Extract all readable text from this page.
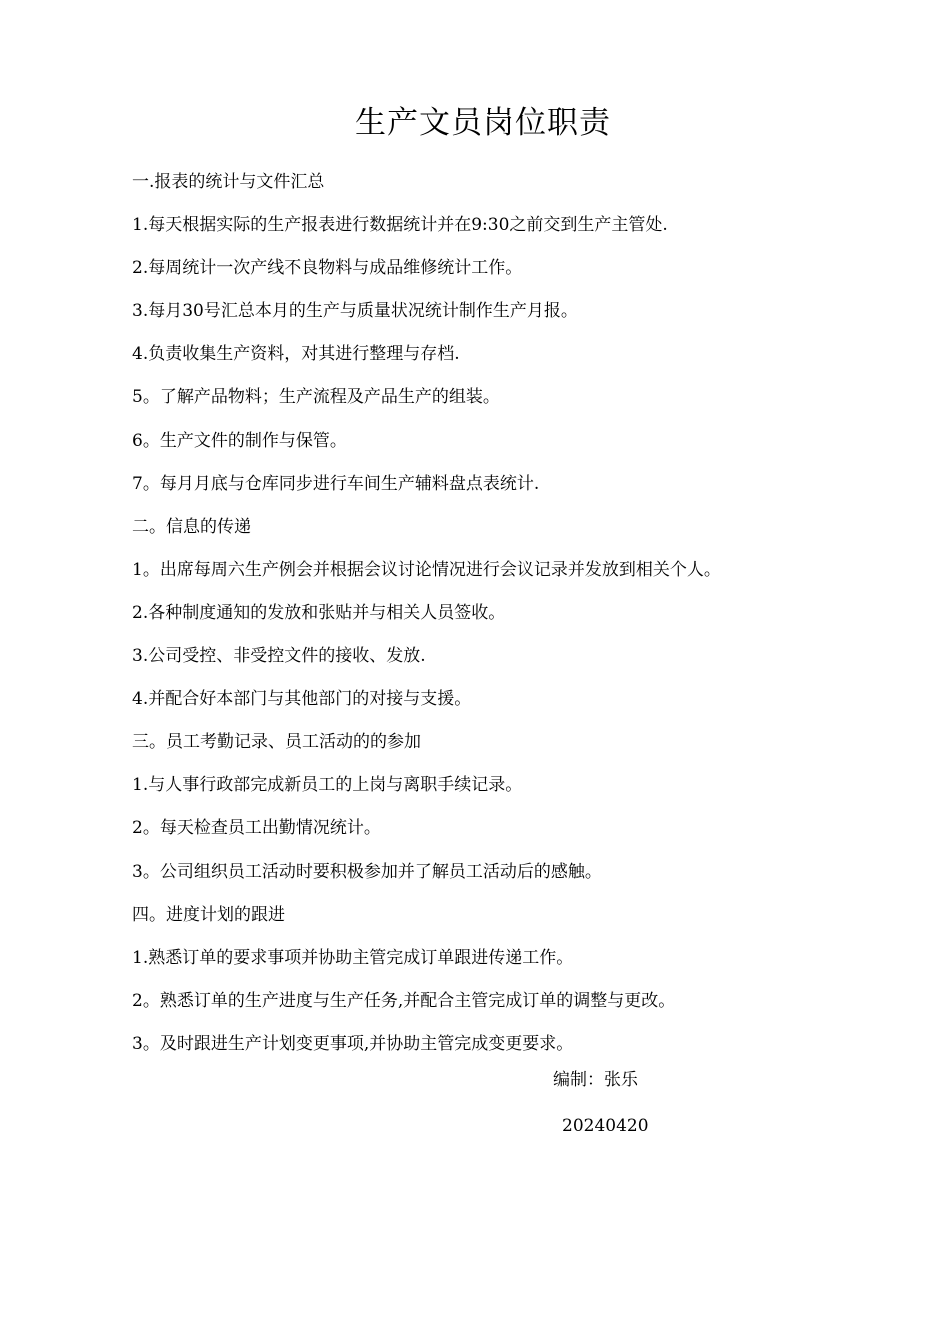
生产文员岗位职责

一.报表的统计与文件汇总

1.每天根据实际的生产报表进行数据统计并在9:30之前交到生产主管处.

2.每周统计一次产线不良物料与成品维修统计工作。

3.每月30号汇总本月的生产与质量状况统计制作生产月报。

4.负责收集生产资料，对其进行整理与存档.

5。了解产品物料；生产流程及产品生产的组装。

6。生产文件的制作与保管。

7。每月月底与仓库同步进行车间生产辅料盘点表统计.

二。信息的传递

1。出席每周六生产例会并根据会议讨论情况进行会议记录并发放到相关个人。

2.各种制度通知的发放和张贴并与相关人员签收。

3.公司受控、非受控文件的接收、发放.

4.并配合好本部门与其他部门的对接与支援。

三。员工考勤记录、员工活动的的参加

1.与人事行政部完成新员工的上岗与离职手续记录。

2。每天检查员工出勤情况统计。

3。公司组织员工活动时要积极参加并了解员工活动后的感触。

四。进度计划的跟进

1.熟悉订单的要求事项并协助主管完成订单跟进传递工作。

2。熟悉订单的生产进度与生产任务,并配合主管完成订单的调整与更改。

3。及时跟进生产计划变更事项,并协助主管完成变更要求。

编制：张乐

20240420
